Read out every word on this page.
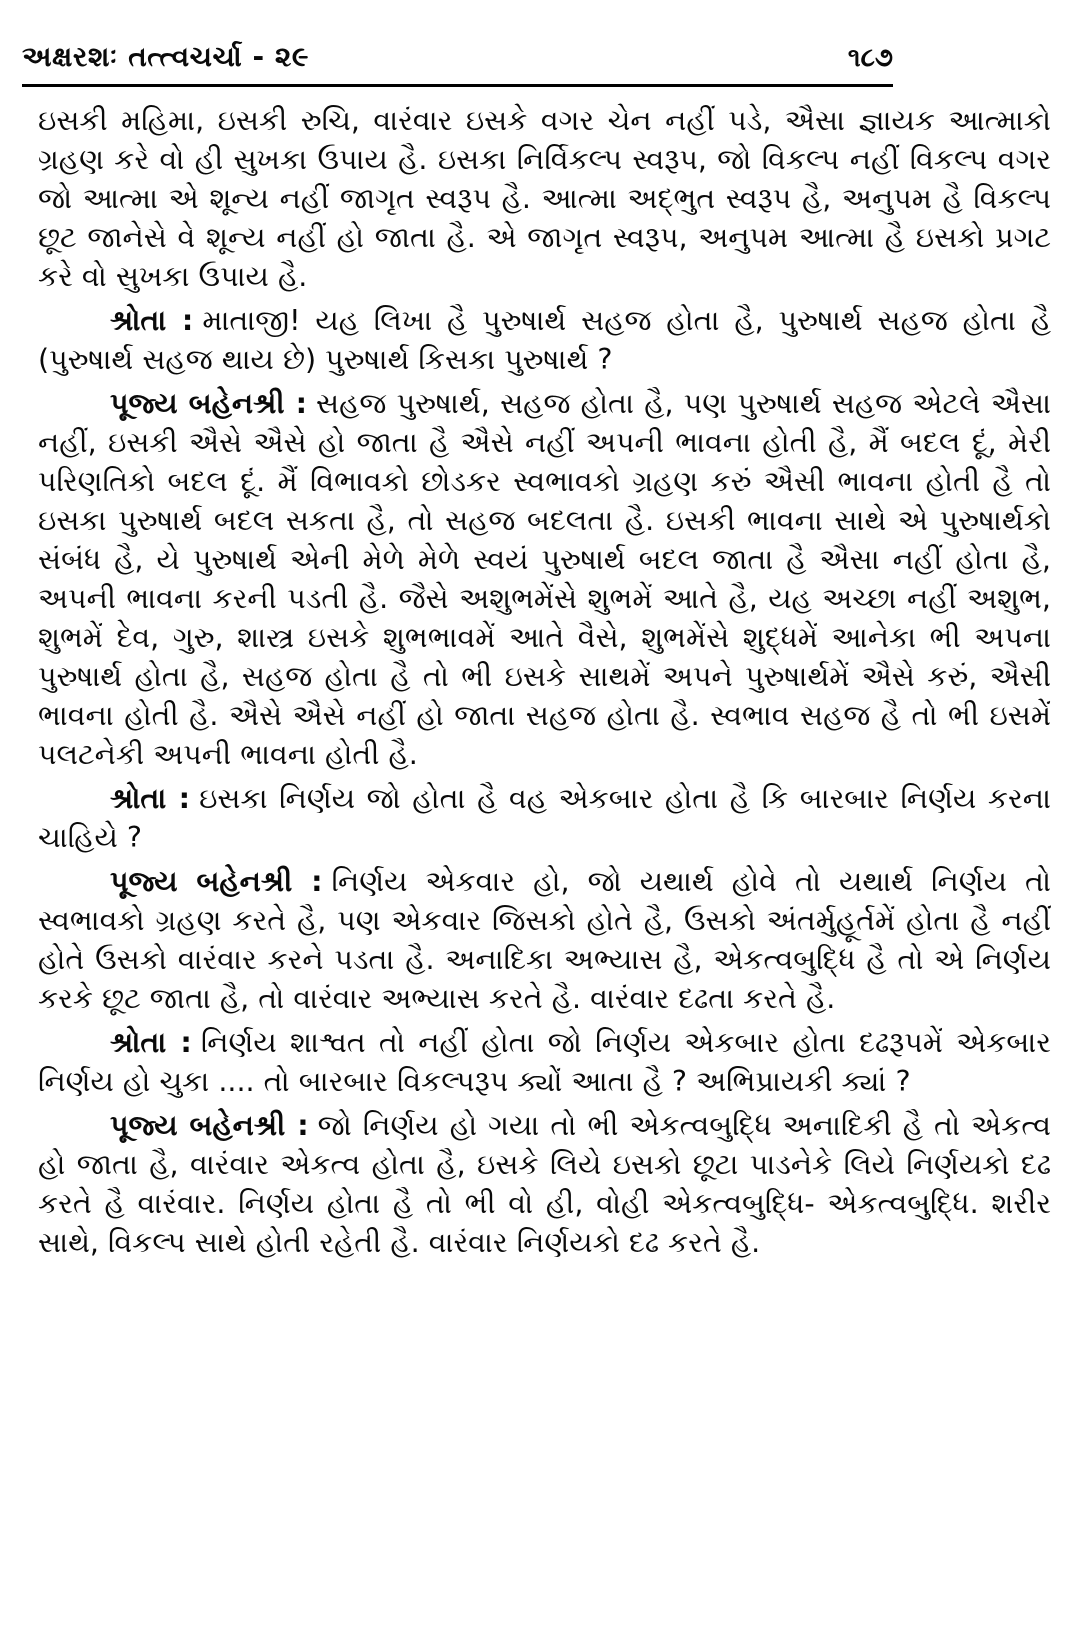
અક્ષરશઃ તત્ત્વચર્ચા - ૨૯	૧૮૭

ઇસકી મહિમા, ઇસકી રુચિ, વારંવાર ઇસકે વગર ચેન નહીં પડે, ઐસા જ્ઞાયક આત્માકો ગ્રહણ કરે વો હી સુખકા ઉપાય હૈ. ઇસકા નિર્વિકલ્પ સ્વરૂપ, જો વિકલ્પ નહીં વિકલ્પ વગર જો આત્મા એ શૂન્ય નહીં જાગૃત સ્વરૂપ હૈ. આત્મા અદ્ભુત સ્વરૂપ હૈ, અનુપમ હૈ વિકલ્પ છૂટ જાનેસે વે શૂન્ય નહીં હો જાતા હૈ. એ જાગૃત સ્વરૂપ, અનુપમ આત્મા હૈ ઇસકો પ્રગટ કરે વો સુખકા ઉપાય હૈ.

શ્રોતા : માતાજી! યહ લિખા હૈ પુરુષાર્થ સહજ હોતા હૈ, પુરુષાર્થ સહજ હોતા હૈ (પુરુષાર્થ સહજ થાય છે) પુરુષાર્થ કિસકા પુરુષાર્થ ?

પૂજ્ય બહેનશ્રી : સહજ પુરુષાર્થ, સહજ હોતા હૈ, પણ પુરુષાર્થ સહજ એટલે ઐસા નહીં, ઇસકી ઐસે ઐસે હો જાતા હૈ ઐસે નહીં અપની ભાવના હોતી હૈ, મૈં બદલ દૂં, મેરી પરિણતિકો બદલ દૂં. મૈં વિભાવકો છોડકર સ્વભાવકો ગ્રહણ કરું ઐસી ભાવના હોતી હૈ તો ઇસકા પુરુષાર્થ બદલ સકતા હૈ, તો સહજ બદલતા હૈ. ઇસકી ભાવના સાથે એ પુરુષાર્થકો સંબંધ હૈ, યે પુરુષાર્થ એની મેળે મેળે સ્વયં પુરુષાર્થ બદલ જાતા હૈ ઐસા નહીં હોતા હૈ, અપની ભાવના કરની પડતી હૈ. જૈસે અશુભમેંસે શુભમેં આતે હૈ, યહ અચ્છા નહીં અશુભ, શુભમેં દેવ, ગુરુ, શાસ્ત્ર ઇસકે શુભભાવમેં આતે વૈસે, શુભમેંસે શુદ્ધમેં આનેકા ભી અપના પુરુષાર્થ હોતા હૈ, સહજ હોતા હૈ તો ભી ઇસકે સાથમેં અપને પુરુષાર્થમેં ઐસે કરું, ઐસી ભાવના હોતી હૈ. ઐસે ઐસે નહીં હો જાતા સહજ હોતા હૈ. સ્વભાવ સહજ હૈ તો ભી ઇસમેં પલટનેકી અપની ભાવના હોતી હૈ.

શ્રોતા : ઇસકા નિર્ણય જો હોતા હૈ વહ એકબાર હોતા હૈ કિ બારબાર નિર્ણય કરના ચાહિયે ?

પૂજ્ય બહેનશ્રી : નિર્ણય એકવાર હો, જો યથાર્થ હોવે તો યથાર્થ નિર્ણય તો સ્વભાવકો ગ્રહણ કરતે હૈ, પણ એકવાર જિસકો હોતે હૈ, ઉસકો અંતર્મુહૂર્તમેં હોતા હૈ નહીં હોતે ઉસકો વારંવાર કરને પડતા હૈ. અનાદિકા અભ્યાસ હૈ, એકત્વબુદ્ધિ હૈ તો એ નિર્ણય કરકે છૂટ જાતા હૈ, તો વારંવાર અભ્યાસ કરતે હૈ. વારંવાર દઢતા કરતે હૈ.

શ્રોતા : નિર્ણય શાશ્વત તો નહીં હોતા જો નિર્ણય એકબાર હોતા દઢરૂપમેં એકબાર નિર્ણય હો ચુકા .... તો બારબાર વિકલ્પરૂપ ક્યોં આતા હૈ ? અભિપ્રાયકી ક્યાં ?

પૂજ્ય બહેનશ્રી : જો નિર્ણય હો ગયા તો ભી એકત્વબુદ્ધિ અનાદિકી હૈ તો એકત્વ હો જાતા હૈ, વારંવાર એકત્વ હોતા હૈ, ઇસકે લિયે ઇસકો છૂટા પાડનેકે લિયે નિર્ણયકો દઢ કરતે હૈ વારંવાર. નિર્ણય હોતા હૈ તો ભી વો હી, વોહી એકત્વબુદ્ધિ- એકત્વબુદ્ધિ. શરીર સાથે, વિકલ્પ સાથે હોતી રહેતી હૈ. વારંવાર નિર્ણયકો દઢ કરતે હૈ.
